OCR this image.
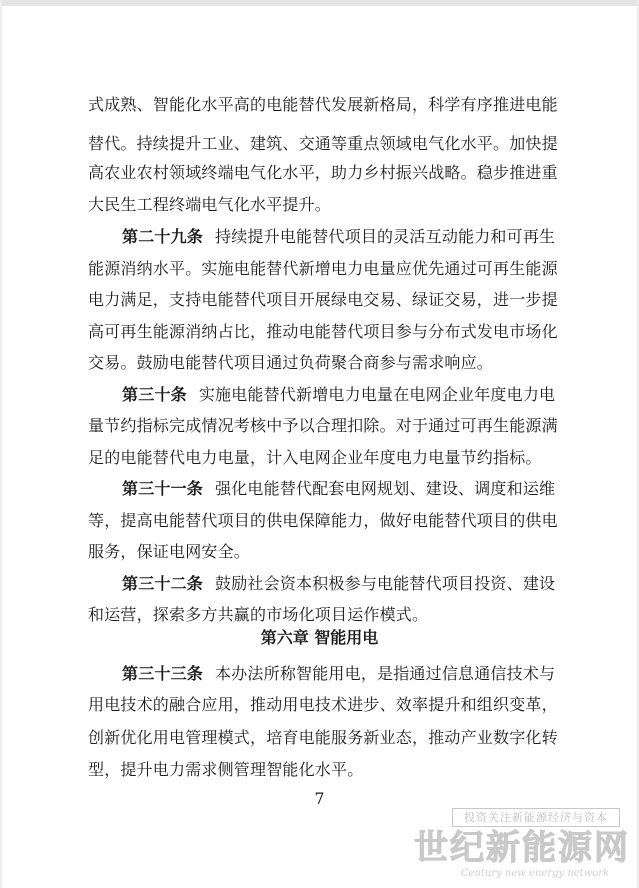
式成熟、智能化水平高的电能替代发展新格局，科学有序推进电能
替代。持续提升工业、建筑、交通等重点领域电气化水平。加快提
高农业农村领域终端电气化水平，助力乡村振兴战略。稳步推进重
大民生工程终端电气化水平提升。
第二十九条 持续提升电能替代项目的灵活互动能力和可再生
能源消纳水平。实施电能替代新增电力电量应优先通过可再生能源
电力满足，支持电能替代项目开展绿电交易、绿证交易，进一步提
高可再生能源消纳占比，推动电能替代项目参与分布式发电市场化
交易。鼓励电能替代项目通过负荷聚合商参与需求响应。
第三十条 实施电能替代新增电力电量在电网企业年度电力电
量节约指标完成情况考核中予以合理扣除。对于通过可再生能源满
足的电能替代电力电量，计入电网企业年度电力电量节约指标。
第三十一条 强化电能替代配套电网规划、建设、调度和运维
等，提高电能替代项目的供电保障能力，做好电能替代项目的供电
服务，保证电网安全。
第三十二条 鼓励社会资本积极参与电能替代项目投资、建设
和运营，探索多方共赢的市场化项目运作模式。
第六章 智能用电
第三十三条 本办法所称智能用电，是指通过信息通信技术与
用电技术的融合应用，推动用电技术进步、效率提升和组织变革，
创新优化用电管理模式，培育电能服务新业态，推动产业数字化转
型，提升电力需求侧管理智能化水平。
7
投资关注新能源经济与资本
世纪新能源网
Century new energy network
